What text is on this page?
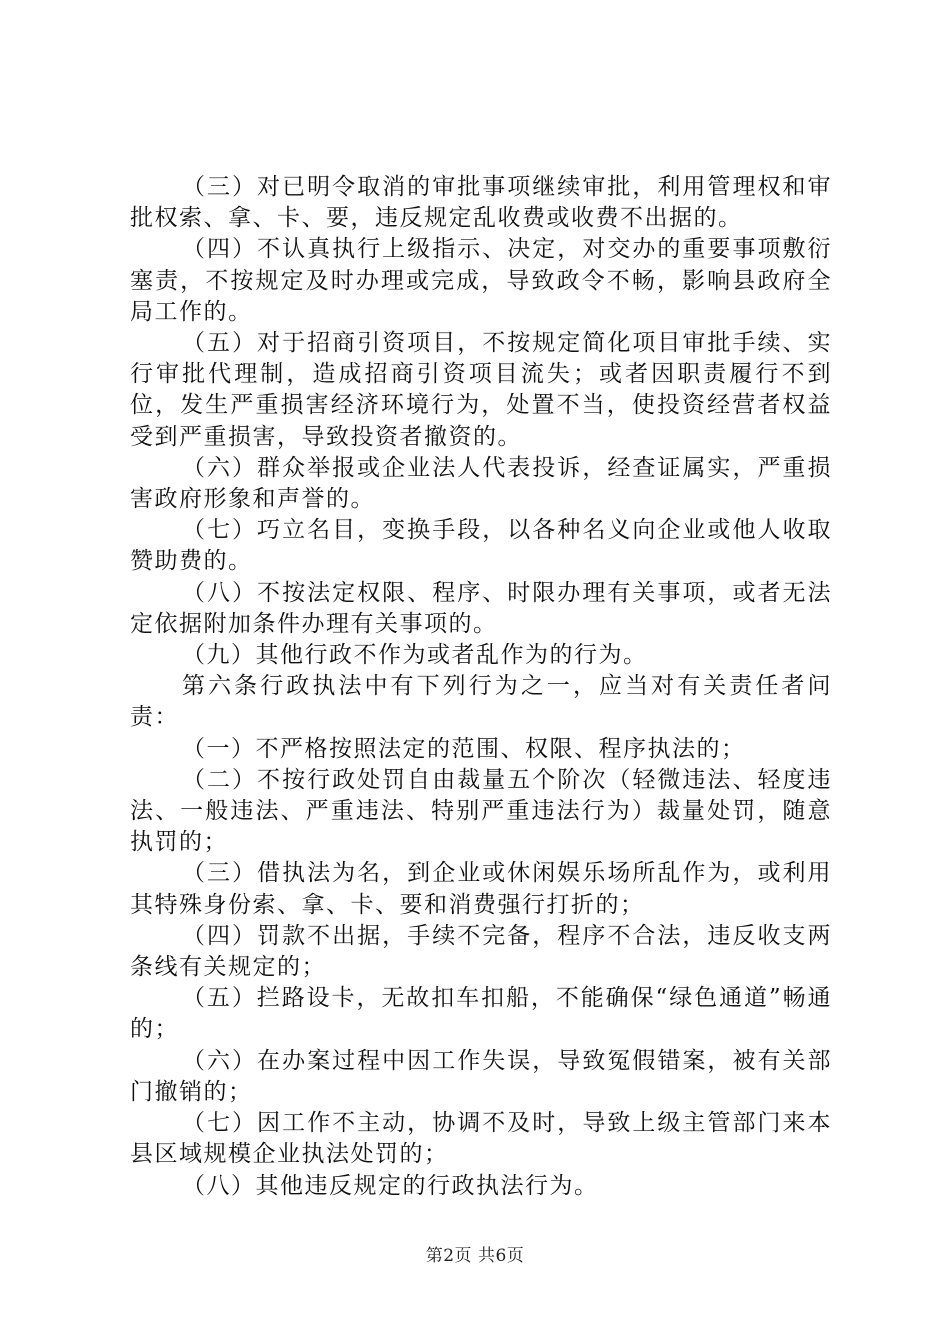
（三）对已明令取消的审批事项继续审批，利用管理权和审批权索、拿、卡、要，违反规定乱收费或收费不出据的。

（四）不认真执行上级指示、决定，对交办的重要事项敷衍塞责，不按规定及时办理或完成，导致政令不畅，影响县政府全局工作的。

（五）对于招商引资项目，不按规定简化项目审批手续、实行审批代理制，造成招商引资项目流失；或者因职责履行不到位，发生严重损害经济环境行为，处置不当，使投资经营者权益受到严重损害，导致投资者撤资的。

（六）群众举报或企业法人代表投诉，经查证属实，严重损害政府形象和声誉的。

（七）巧立名目，变换手段，以各种名义向企业或他人收取赞助费的。

（八）不按法定权限、程序、时限办理有关事项，或者无法定依据附加条件办理有关事项的。

（九）其他行政不作为或者乱作为的行为。

第六条行政执法中有下列行为之一，应当对有关责任者问责：

（一）不严格按照法定的范围、权限、程序执法的；

（二）不按行政处罚自由裁量五个阶次（轻微违法、轻度违法、一般违法、严重违法、特别严重违法行为）裁量处罚，随意执罚的；

（三）借执法为名，到企业或休闲娱乐场所乱作为，或利用其特殊身份索、拿、卡、要和消费强行打折的；

（四）罚款不出据，手续不完备，程序不合法，违反收支两条线有关规定的；

（五）拦路设卡，无故扣车扣船，不能确保“绿色通道”畅通的；

（六）在办案过程中因工作失误，导致冤假错案，被有关部门撤销的；

（七）因工作不主动，协调不及时，导致上级主管部门来本县区域规模企业执法处罚的；

（八）其他违反规定的行政执法行为。

第2页 共6页
